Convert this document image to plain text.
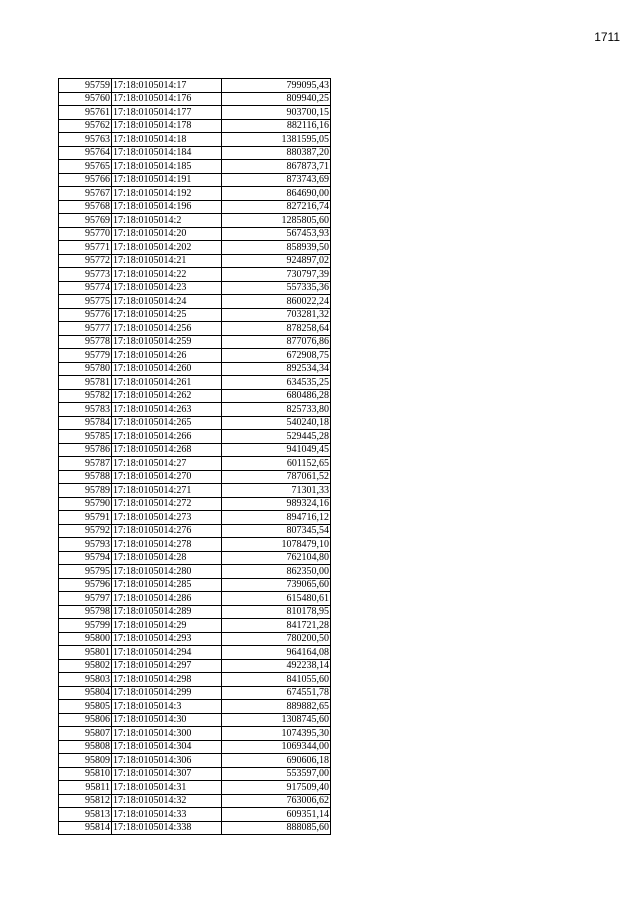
1711
95759	17:18:0105014:17	799095,43
95760	17:18:0105014:176	809940,25
95761	17:18:0105014:177	903700,15
95762	17:18:0105014:178	882116,16
95763	17:18:0105014:18	1381595,05
95764	17:18:0105014:184	880387,20
95765	17:18:0105014:185	867873,71
95766	17:18:0105014:191	873743,69
95767	17:18:0105014:192	864690,00
95768	17:18:0105014:196	827216,74
95769	17:18:0105014:2	1285805,60
95770	17:18:0105014:20	567453,93
95771	17:18:0105014:202	858939,50
95772	17:18:0105014:21	924897,02
95773	17:18:0105014:22	730797,39
95774	17:18:0105014:23	557335,36
95775	17:18:0105014:24	860022,24
95776	17:18:0105014:25	703281,32
95777	17:18:0105014:256	878258,64
95778	17:18:0105014:259	877076,86
95779	17:18:0105014:26	672908,75
95780	17:18:0105014:260	892534,34
95781	17:18:0105014:261	634535,25
95782	17:18:0105014:262	680486,28
95783	17:18:0105014:263	825733,80
95784	17:18:0105014:265	540240,18
95785	17:18:0105014:266	529445,28
95786	17:18:0105014:268	941049,45
95787	17:18:0105014:27	601152,65
95788	17:18:0105014:270	787061,52
95789	17:18:0105014:271	71301,33
95790	17:18:0105014:272	989324,16
95791	17:18:0105014:273	894716,12
95792	17:18:0105014:276	807345,54
95793	17:18:0105014:278	1078479,10
95794	17:18:0105014:28	762104,80
95795	17:18:0105014:280	862350,00
95796	17:18:0105014:285	739065,60
95797	17:18:0105014:286	615480,61
95798	17:18:0105014:289	810178,95
95799	17:18:0105014:29	841721,28
95800	17:18:0105014:293	780200,50
95801	17:18:0105014:294	964164,08
95802	17:18:0105014:297	492238,14
95803	17:18:0105014:298	841055,60
95804	17:18:0105014:299	674551,78
95805	17:18:0105014:3	889882,65
95806	17:18:0105014:30	1308745,60
95807	17:18:0105014:300	1074395,30
95808	17:18:0105014:304	1069344,00
95809	17:18:0105014:306	690606,18
95810	17:18:0105014:307	553597,00
95811	17:18:0105014:31	917509,40
95812	17:18:0105014:32	763006,62
95813	17:18:0105014:33	609351,14
95814	17:18:0105014:338	888085,60
